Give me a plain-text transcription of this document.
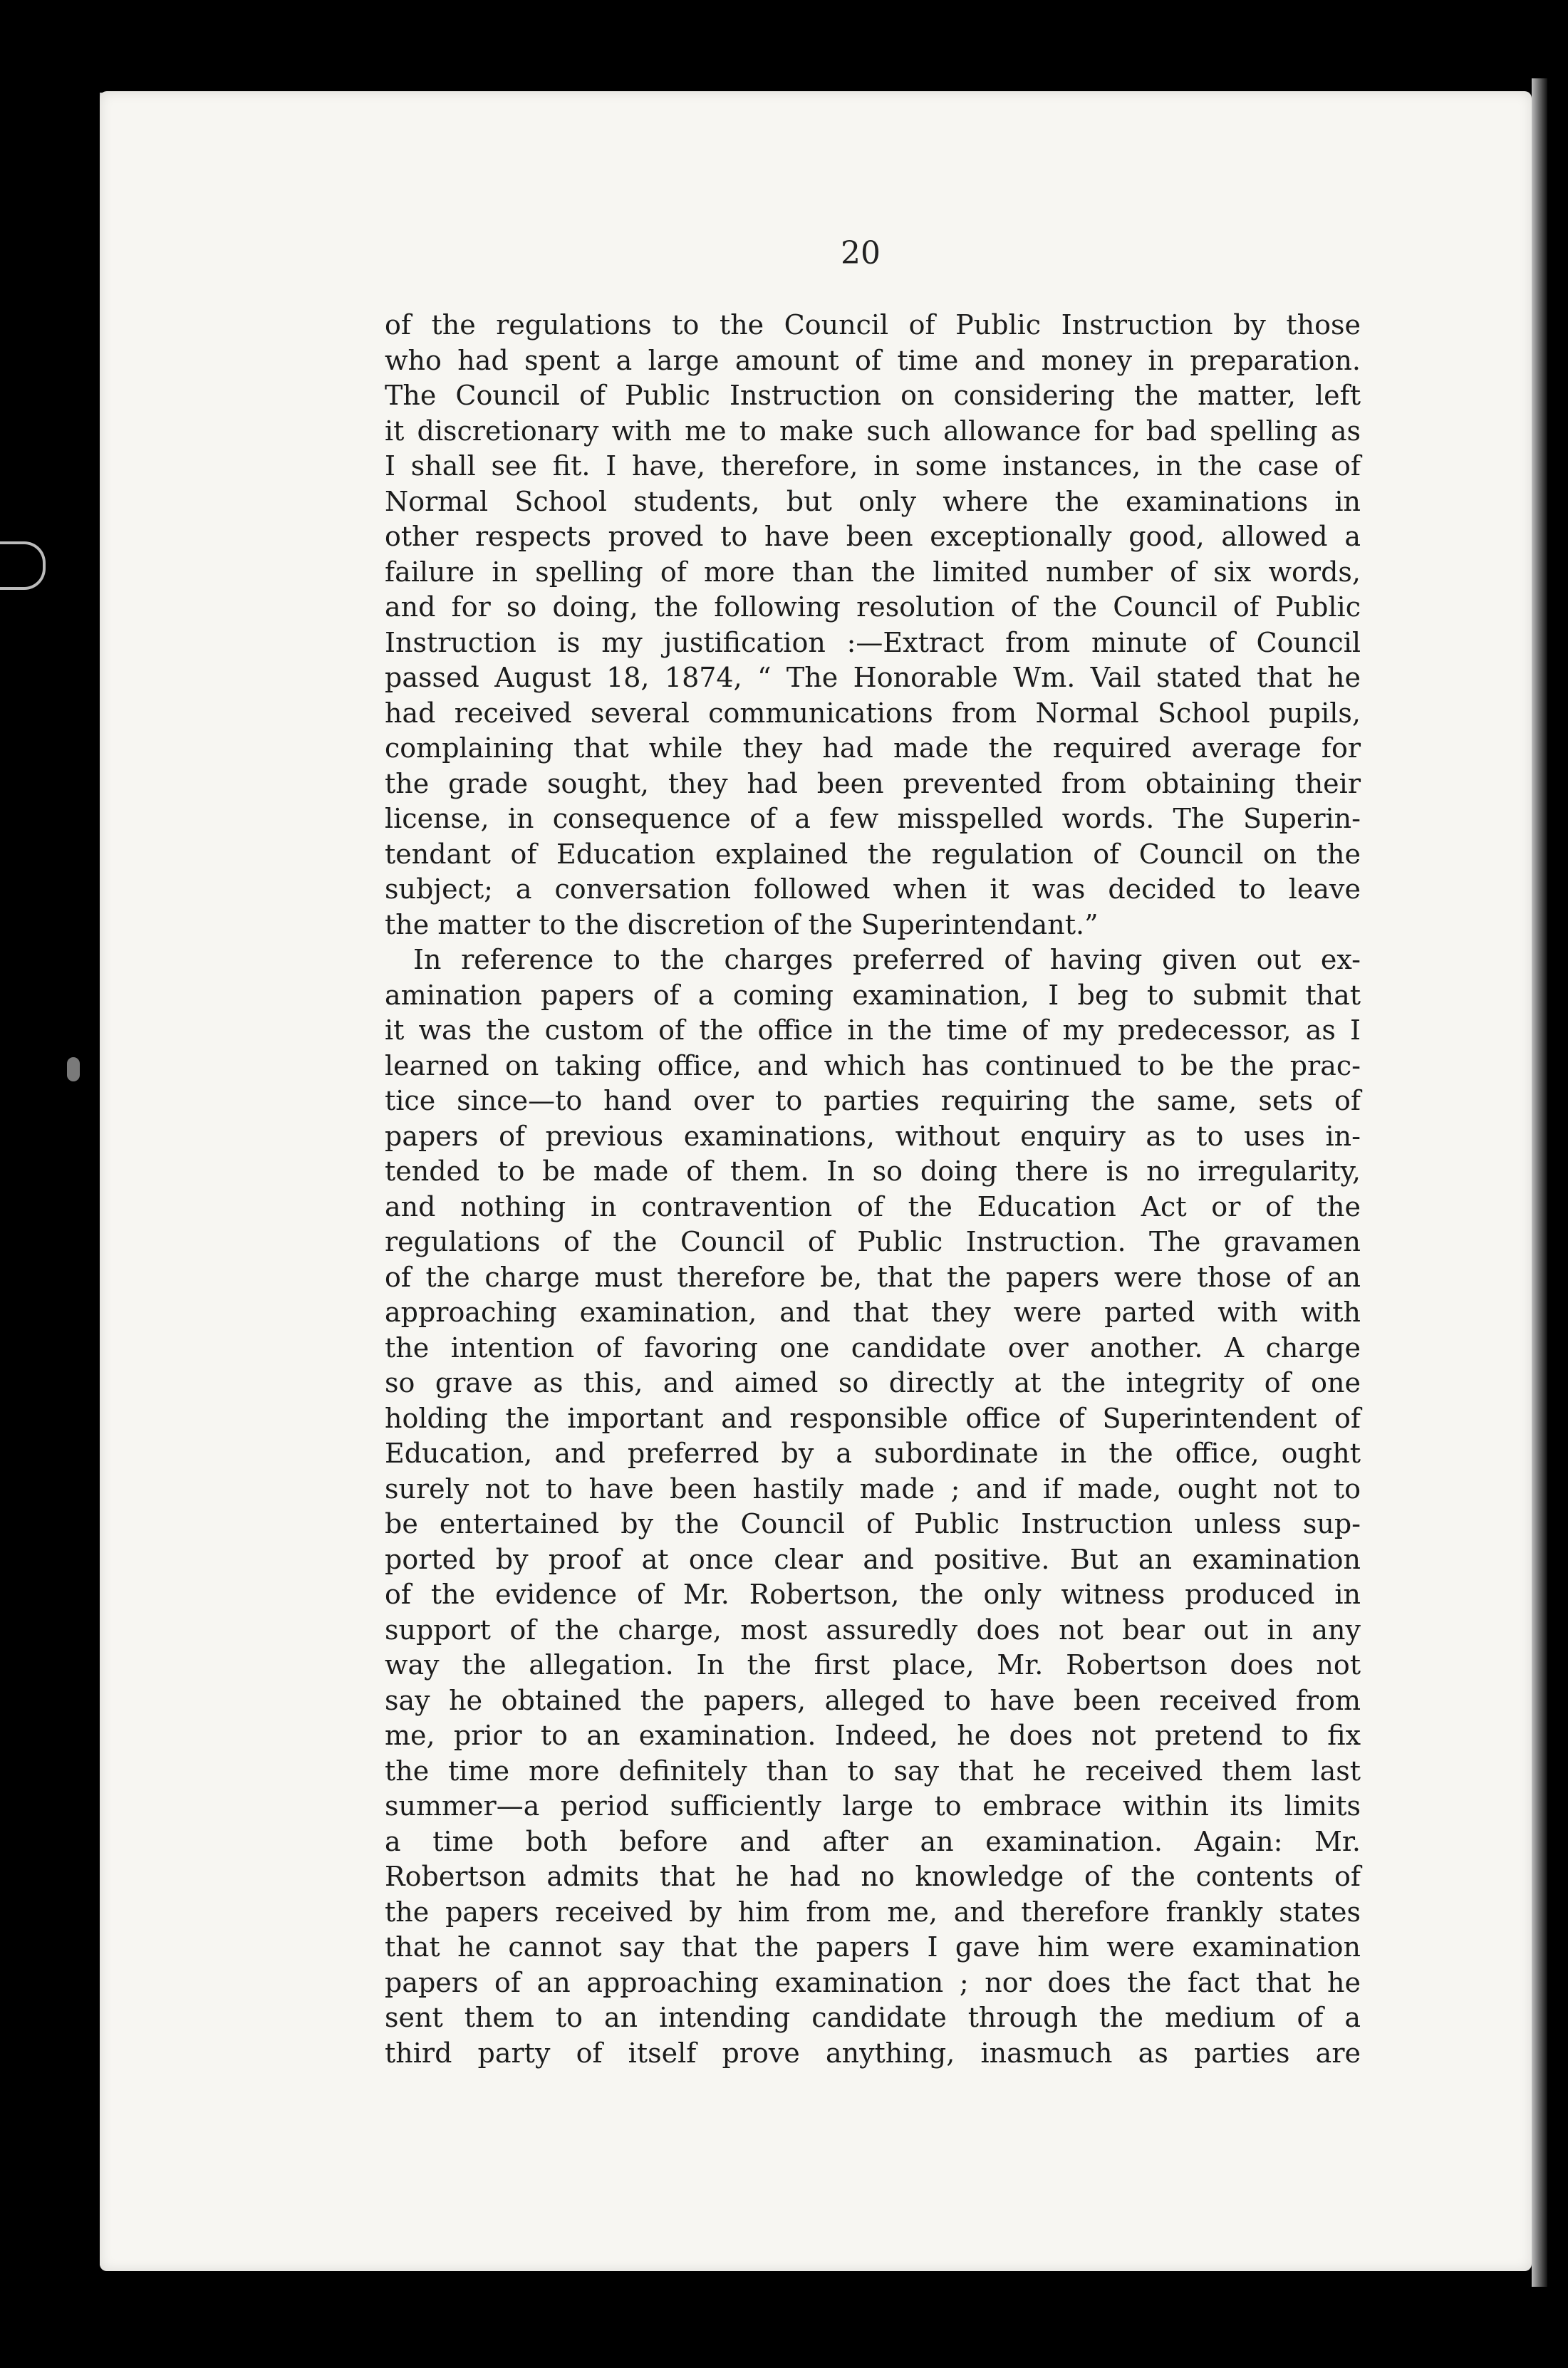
20
of the regulations to the Council of Public Instruction by those
who had spent a large amount of time and money in preparation.
The Council of Public Instruction on considering the matter, left
it discretionary with me to make such allowance for bad spelling as
I shall see fit. I have, therefore, in some instances, in the case of
Normal School students, but only where the examinations in
other respects proved to have been exceptionally good, allowed a
failure in spelling of more than the limited number of six words,
and for so doing, the following resolution of the Council of Public
Instruction is my justification :—Extract from minute of Council
passed August 18, 1874, “ The Honorable Wm. Vail stated that he
had received several communications from Normal School pupils,
complaining that while they had made the required average for
the grade sought, they had been prevented from obtaining their
license, in consequence of a few misspelled words. The Superin-
tendant of Education explained the regulation of Council on the
subject; a conversation followed when it was decided to leave
the matter to the discretion of the Superintendant.”
In reference to the charges preferred of having given out ex-
amination papers of a coming examination, I beg to submit that
it was the custom of the office in the time of my predecessor, as I
learned on taking office, and which has continued to be the prac-
tice since—to hand over to parties requiring the same, sets of
papers of previous examinations, without enquiry as to uses in-
tended to be made of them. In so doing there is no irregularity,
and nothing in contravention of the Education Act or of the
regulations of the Council of Public Instruction. The gravamen
of the charge must therefore be, that the papers were those of an
approaching examination, and that they were parted with with
the intention of favoring one candidate over another. A charge
so grave as this, and aimed so directly at the integrity of one
holding the important and responsible office of Superintendent of
Education, and preferred by a subordinate in the office, ought
surely not to have been hastily made ; and if made, ought not to
be entertained by the Council of Public Instruction unless sup-
ported by proof at once clear and positive. But an examination
of the evidence of Mr. Robertson, the only witness produced in
support of the charge, most assuredly does not bear out in any
way the allegation. In the first place, Mr. Robertson does not
say he obtained the papers, alleged to have been received from
me, prior to an examination. Indeed, he does not pretend to fix
the time more definitely than to say that he received them last
summer—a period sufficiently large to embrace within its limits
a time both before and after an examination. Again: Mr.
Robertson admits that he had no knowledge of the contents of
the papers received by him from me, and therefore frankly states
that he cannot say that the papers I gave him were examination
papers of an approaching examination ; nor does the fact that he
sent them to an intending candidate through the medium of a
third party of itself prove anything, inasmuch as parties are
